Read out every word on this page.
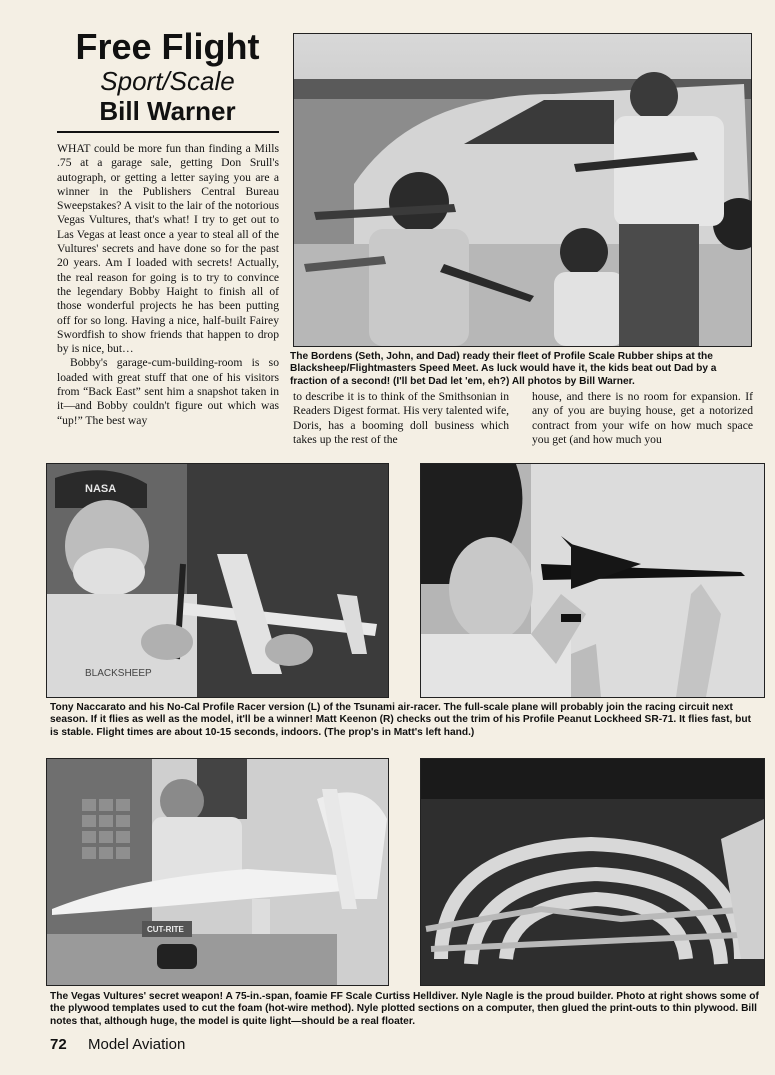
Free Flight
Sport/Scale
Bill Warner

WHAT could be more fun than finding a Mills .75 at a garage sale, getting Don Srull's autograph, or getting a letter saying you are a winner in the Publishers Central Bureau Sweepstakes? A visit to the lair of the notorious Vegas Vultures, that's what! I try to get out to Las Vegas at least once a year to steal all of the Vultures' secrets and have done so for the past 20 years. Am I loaded with secrets! Actually, the real reason for going is to try to convince the legendary Bobby Haight to finish all of those wonderful projects he has been putting off for so long. Having a nice, half-built Fairey Swordfish to show friends that happen to drop by is nice, but…

Bobby's garage-cum-building-room is so loaded with great stuff that one of his visitors from “Back East” sent him a snapshot taken in it—and Bobby couldn't figure out which was “up!” The best way

The Bordens (Seth, John, and Dad) ready their fleet of Profile Scale Rubber ships at the Blacksheep/Flightmasters Speed Meet. As luck would have it, the kids beat out Dad by a fraction of a second! (I'll bet Dad let 'em, eh?) All photos by Bill Warner.
to describe it is to think of the Smithsonian in Readers Digest format. His very talented wife, Doris, has a booming doll business which takes up the rest of the
house, and there is no room for expansion. If any of you are buying house, get a notorized contract from your wife on how much space you get (and how much you
NASA
BLACKSHEEP
Tony Naccarato and his No-Cal Profile Racer version (L) of the Tsunami air-racer. The full-scale plane will probably join the racing circuit next season. If it flies as well as the model, it'll be a winner! Matt Keenon (R) checks out the trim of his Profile Peanut Lockheed SR-71. It flies fast, but is stable. Flight times are about 10-15 seconds, indoors. (The prop's in Matt's left hand.)
CUT-RITE
The Vegas Vultures' secret weapon! A 75-in.-span, foamie FF Scale Curtiss Helldiver. Nyle Nagle is the proud builder. Photo at right shows some of the plywood templates used to cut the foam (hot-wire method). Nyle plotted sections on a computer, then glued the print-outs to thin plywood. Bill notes that, although huge, the model is quite light—should be a real floater.
72 Model Aviation
